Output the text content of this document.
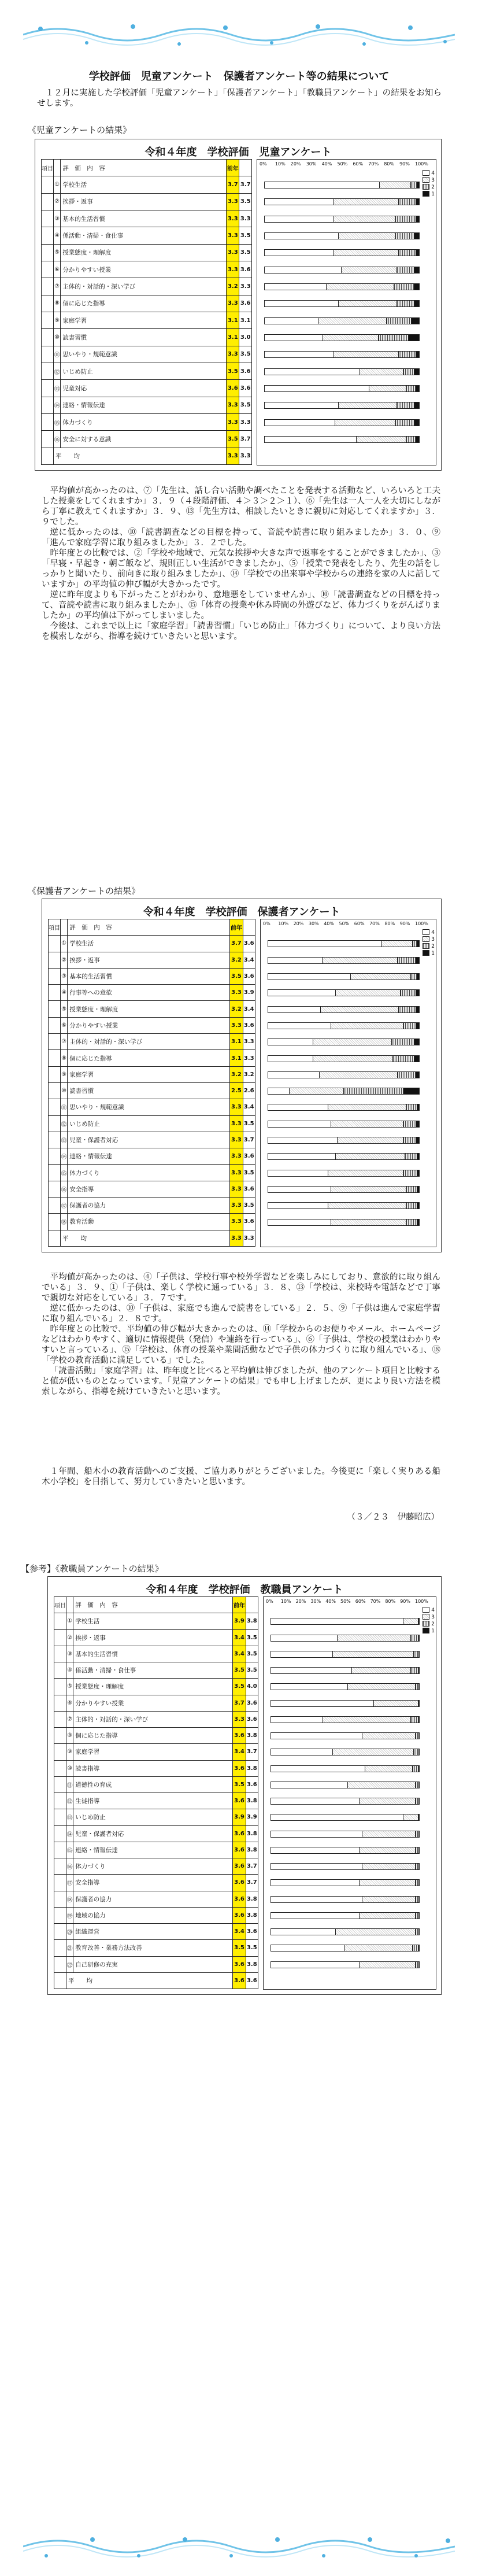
学校評価　児童アンケート　保護者アンケート等の結果について

１２月に実施した学校評価「児童アンケート」「保護者アンケート」「教職員アンケート」の結果をお知らせします。

《児童アンケートの結果》
令和４年度　学校評価　児童アンケート
項目		評　価　内　容	前年	
	①	学校生活	3.7	3.7
	②	挨拶・返事	3.3	3.5
	③	基本的生活習慣	3.3	3.3
	④	係活動・清掃・食仕事	3.3	3.5
	⑤	授業態度・理解度	3.3	3.5
	⑥	分かりやすい授業	3.3	3.6
	⑦	主体的・対話的・深い学び	3.2	3.3
	⑧	個に応じた指導	3.3	3.6
	⑨	家庭学習	3.1	3.1
	⑩	読書習慣	3.1	3.0
	⑪	思いやり・規範意識	3.3	3.5
	⑫	いじめ防止	3.5	3.6
	⑬	児童対応	3.6	3.6
	⑭	連絡・情報伝達	3.3	3.5
	⑮	体力づくり	3.3	3.3
	⑯	安全に対する意識	3.5	3.7
	平　　均		3.3	3.3
0% 10% 20% 30% 40% 50% 60% 70% 80% 90% 100%
4
3
2
1

平均値が高かったのは、⑦「先生は、話し合い活動や調べたことを発表する活動など、いろいろと工夫した授業をしてくれますか」３．９（４段階評価、４＞３＞２＞１）、⑥「先生は一人一人を大切にしながら丁寧に教えてくれますか」３．９、⑬「先生方は、相談したいときに親切に対応してくれますか」３．９でした。

逆に低かったのは、⑩「読書調査などの目標を持って、音読や読書に取り組みましたか」３．０、⑨「進んで家庭学習に取り組みましたか」３．２でした。

昨年度との比較では、②「学校や地域で、元気な挨拶や大きな声で返事をすることができましたか」、③「早寝・早起き・朝ご飯など、規則正しい生活ができましたか」、⑤「授業で発表をしたり、先生の話をしっかりと聞いたり、前向きに取り組みましたか」、⑭「学校での出来事や学校からの連絡を家の人に話していますか」の平均値の伸び幅が大きかったです。

逆に昨年度よりも下がったことがわかり、意地悪をしていませんか」、⑩「読書調査などの目標を持って、音読や読書に取り組みましたか」、⑮「体育の授業や休み時間の外遊びなど、体力づくりをがんばりましたか」の平均値は下がってしまいました。

今後は、これまで以上に「家庭学習」「読書習慣」「いじめ防止」「体力づくり」について、より良い方法を模索しながら、指導を続けていきたいと思います。

《保護者アンケートの結果》
令和４年度　学校評価　保護者アンケート
項目		評　価　内　容	前年	
	①	学校生活	3.7	3.6
	②	挨拶・返事	3.2	3.4
	③	基本的生活習慣	3.5	3.6
	④	行事等への意欲	3.3	3.9
	⑤	授業態度・理解度	3.2	3.4
	⑥	分かりやすい授業	3.3	3.6
	⑦	主体的・対話的・深い学び	3.1	3.3
	⑧	個に応じた指導	3.1	3.3
	⑨	家庭学習	3.2	3.2
	⑩	読書習慣	2.5	2.6
	⑪	思いやり・規範意識	3.3	3.4
	⑫	いじめ防止	3.3	3.5
	⑬	児童・保護者対応	3.3	3.7
	⑭	連絡・情報伝達	3.3	3.6
	⑮	体力づくり	3.3	3.5
	⑯	安全指導	3.3	3.6
	⑰	保護者の協力	3.3	3.5
	⑱	教育活動	3.3	3.6
	平　　均		3.3	3.3
0% 10% 20% 30% 40% 50% 60% 70% 80% 90% 100%
4
3
2
1

平均値が高かったのは、④「子供は、学校行事や校外学習などを楽しみにしており、意欲的に取り組んでいる」３．９、①「子供は、楽しく学校に通っている」３．８、⑬「学校は、来校時や電話などで丁寧で親切な対応をしている」３．７です。

逆に低かったのは、⑩「子供は、家庭でも進んで読書をしている」２．５、⑨「子供は進んで家庭学習に取り組んでいる」２．８です。

昨年度との比較で、平均値の伸び幅が大きかったのは、⑭「学校からのお便りやメール、ホームページなどはわかりやすく、適切に情報提供（発信）や連絡を行っている」、⑥「子供は、学校の授業はわかりやすいと言っている」、⑮「学校は、体育の授業や業間活動などで子供の体力づくりに取り組んでいる」、⑱「学校の教育活動に満足している」でした。

「読書活動」「家庭学習」は、昨年度と比べると平均値は伸びましたが、他のアンケート項目と比較すると値が低いものとなっています。「児童アンケートの結果」でも申し上げましたが、更により良い方法を模索しながら、指導を続けていきたいと思います。

１年間、船木小の教育活動へのご支援、ご協力ありがとうございました。今後更に「楽しく実りある船木小学校」を目指して、努力していきたいと思います。

（３／２３　伊藤昭広）
【参考】《教職員アンケートの結果》
令和４年度　学校評価　教職員アンケート
項目		評　価　内　容	前年	
	①	学校生活	3.9	3.8
	②	挨拶・返事	3.4	3.5
	③	基本的生活習慣	3.4	3.5
	④	係活動・清掃・食仕事	3.5	3.5
	⑤	授業態度・理解度	3.5	4.0
	⑥	分かりやすい授業	3.7	3.6
	⑦	主体的・対話的・深い学び	3.3	3.6
	⑧	個に応じた指導	3.6	3.8
	⑨	家庭学習	3.4	3.7
	⑩	読書指導	3.6	3.8
	⑪	道徳性の育成	3.5	3.6
	⑫	生徒指導	3.6	3.8
	⑬	いじめ防止	3.9	3.9
	⑭	児童・保護者対応	3.6	3.8
	⑮	連絡・情報伝達	3.6	3.8
	⑯	体力づくり	3.6	3.7
	⑰	安全指導	3.6	3.7
	⑱	保護者の協力	3.6	3.8
	⑲	地域の協力	3.6	3.8
	⑳	組織運営	3.4	3.6
	㉑	教育改善・業務方法改善	3.5	3.5
	㉒	自己研修の充実	3.6	3.8
	平　　均		3.6	3.6
0% 10% 20% 30% 40% 50% 60% 70% 80% 90% 100%
4
3
2
1
